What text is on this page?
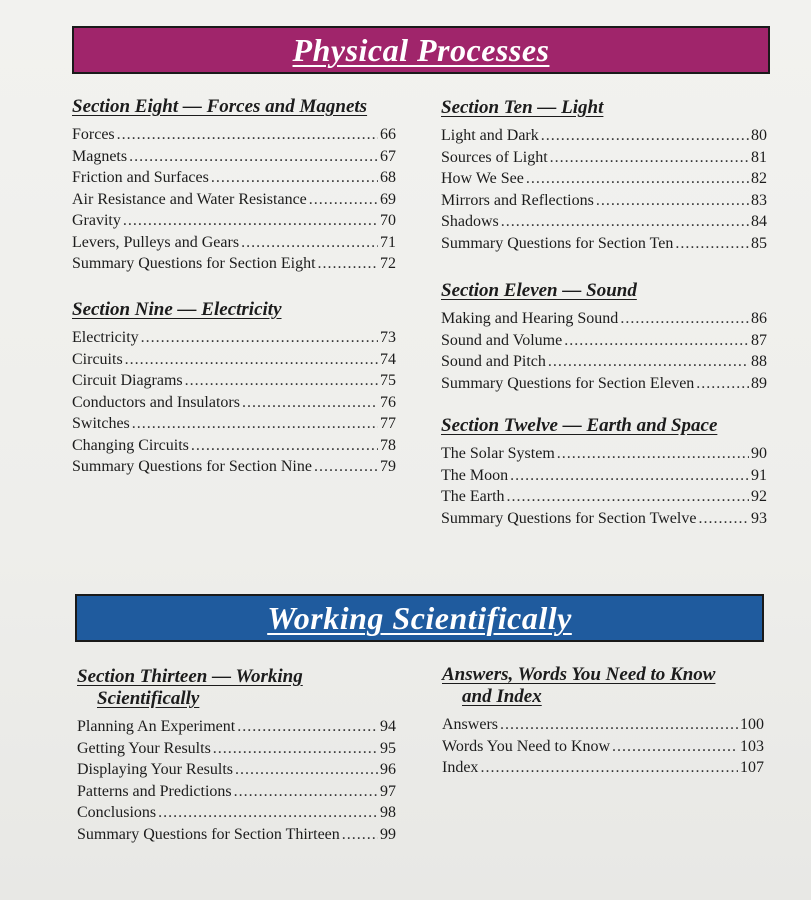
Physical Processes
Section Eight — Forces and Magnets
Forces .....	66
Magnets .....	67
Friction and Surfaces .....	68
Air Resistance and Water Resistance .....	69
Gravity .....	70
Levers, Pulleys and Gears .....	71
Summary Questions for Section Eight .....	72
Section Nine — Electricity
Electricity .....	73
Circuits .....	74
Circuit Diagrams .....	75
Conductors and Insulators .....	76
Switches .....	77
Changing Circuits .....	78
Summary Questions for Section Nine .....	79
Section Ten — Light
Light and Dark .....	80
Sources of Light .....	81
How We See .....	82
Mirrors and Reflections .....	83
Shadows .....	84
Summary Questions for Section Ten .....	85
Section Eleven — Sound
Making and Hearing Sound .....	86
Sound and Volume .....	87
Sound and Pitch .....	88
Summary Questions for Section Eleven .....	89
Section Twelve — Earth and Space
The Solar System .....	90
The Moon .....	91
The Earth .....	92
Summary Questions for Section Twelve .....	93
Working Scientifically
Section Thirteen — Working
Scientifically
Planning An Experiment .....	94
Getting Your Results .....	95
Displaying Your Results .....	96
Patterns and Predictions .....	97
Conclusions .....	98
Summary Questions for Section Thirteen .....	99
Answers, Words You Need to Know
and Index
Answers .....	100
Words You Need to Know .....	103
Index .....	107
